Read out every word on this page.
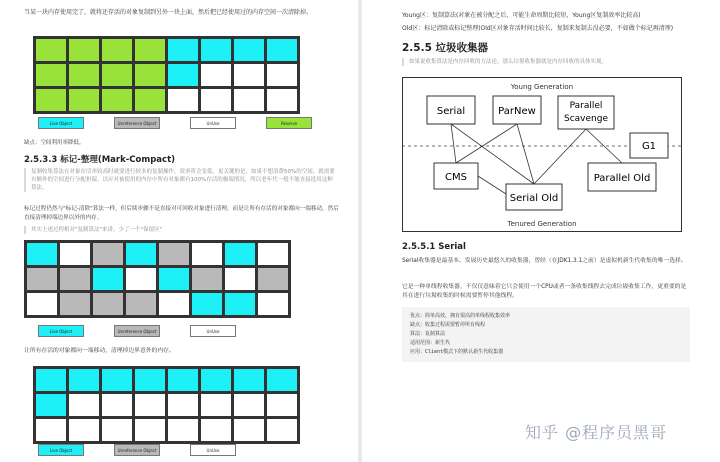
当某一块内存使用完了，就将还存活的对象复制到另外一块上面，然后把已经使用过的内存空间一次清除掉。
Live Object	Unreference Object	UnUse	Reserve
缺点：空间利用率降低。
2.5.3.3 标记-整理(Mark-Compact)
复制收集算法在对象存活率较高时就要进行较多的复制操作，效率将会变低。更关键的是，如果不想浪费50%的空间，就需要有额外的空间进行分配担保，以应对被使用的内存中所有对象都有100%存活的极端情况，所以老年代一般不能直接选用这种算法。
标记过程仍然与"标记-清除"算法一样，但后续步骤不是直接对可回收对象进行清理，而是让所有存活的对象都向一端移动，然后直接清理掉端边界以外的内存。
其实上述过程相对"复制算法"来讲，少了一个"保留区"
Live Object	Unreference Object	UnUse
让所有存活的对象都向一端移动，清理掉边界意外的内存。
Live Object	Unreference Object	UnUse
Young区：复制算法(对象在被分配之后，可能生命周期比较短，Young区复制效率比较高)
Old区：标记清除或标记整理(Old区对象存活时间比较长，复制来复制去没必要，不如做个标记再清理)
2.5.5 垃圾收集器
如果说收集算法是内存回收的方法论，那么垃圾收集器就是内存回收的具体实现。
Young Generation
Tenured Generation
Serial	ParNew	Parallel
Scavenge
G1
CMS
Serial Old
Parallel Old
2.5.5.1 Serial
Serial收集器是最基本、发展历史最悠久的收集器，曾经（在JDK1.3.1之前）是虚拟机新生代收集的唯一选择。
它是一种单线程收集器，不仅仅意味着它只会使用一个CPU或者一条收集线程去完成垃圾收集工作，更重要的是其在进行垃圾收集的时候需要暂停其他线程。
优点：简单高效，拥有很高的单线程收集效率
缺点：收集过程需要暂停所有线程
算法：复制算法
适用范围：新生代
应用：Client模式下的默认新生代收集器
知乎 @程序员黑哥
